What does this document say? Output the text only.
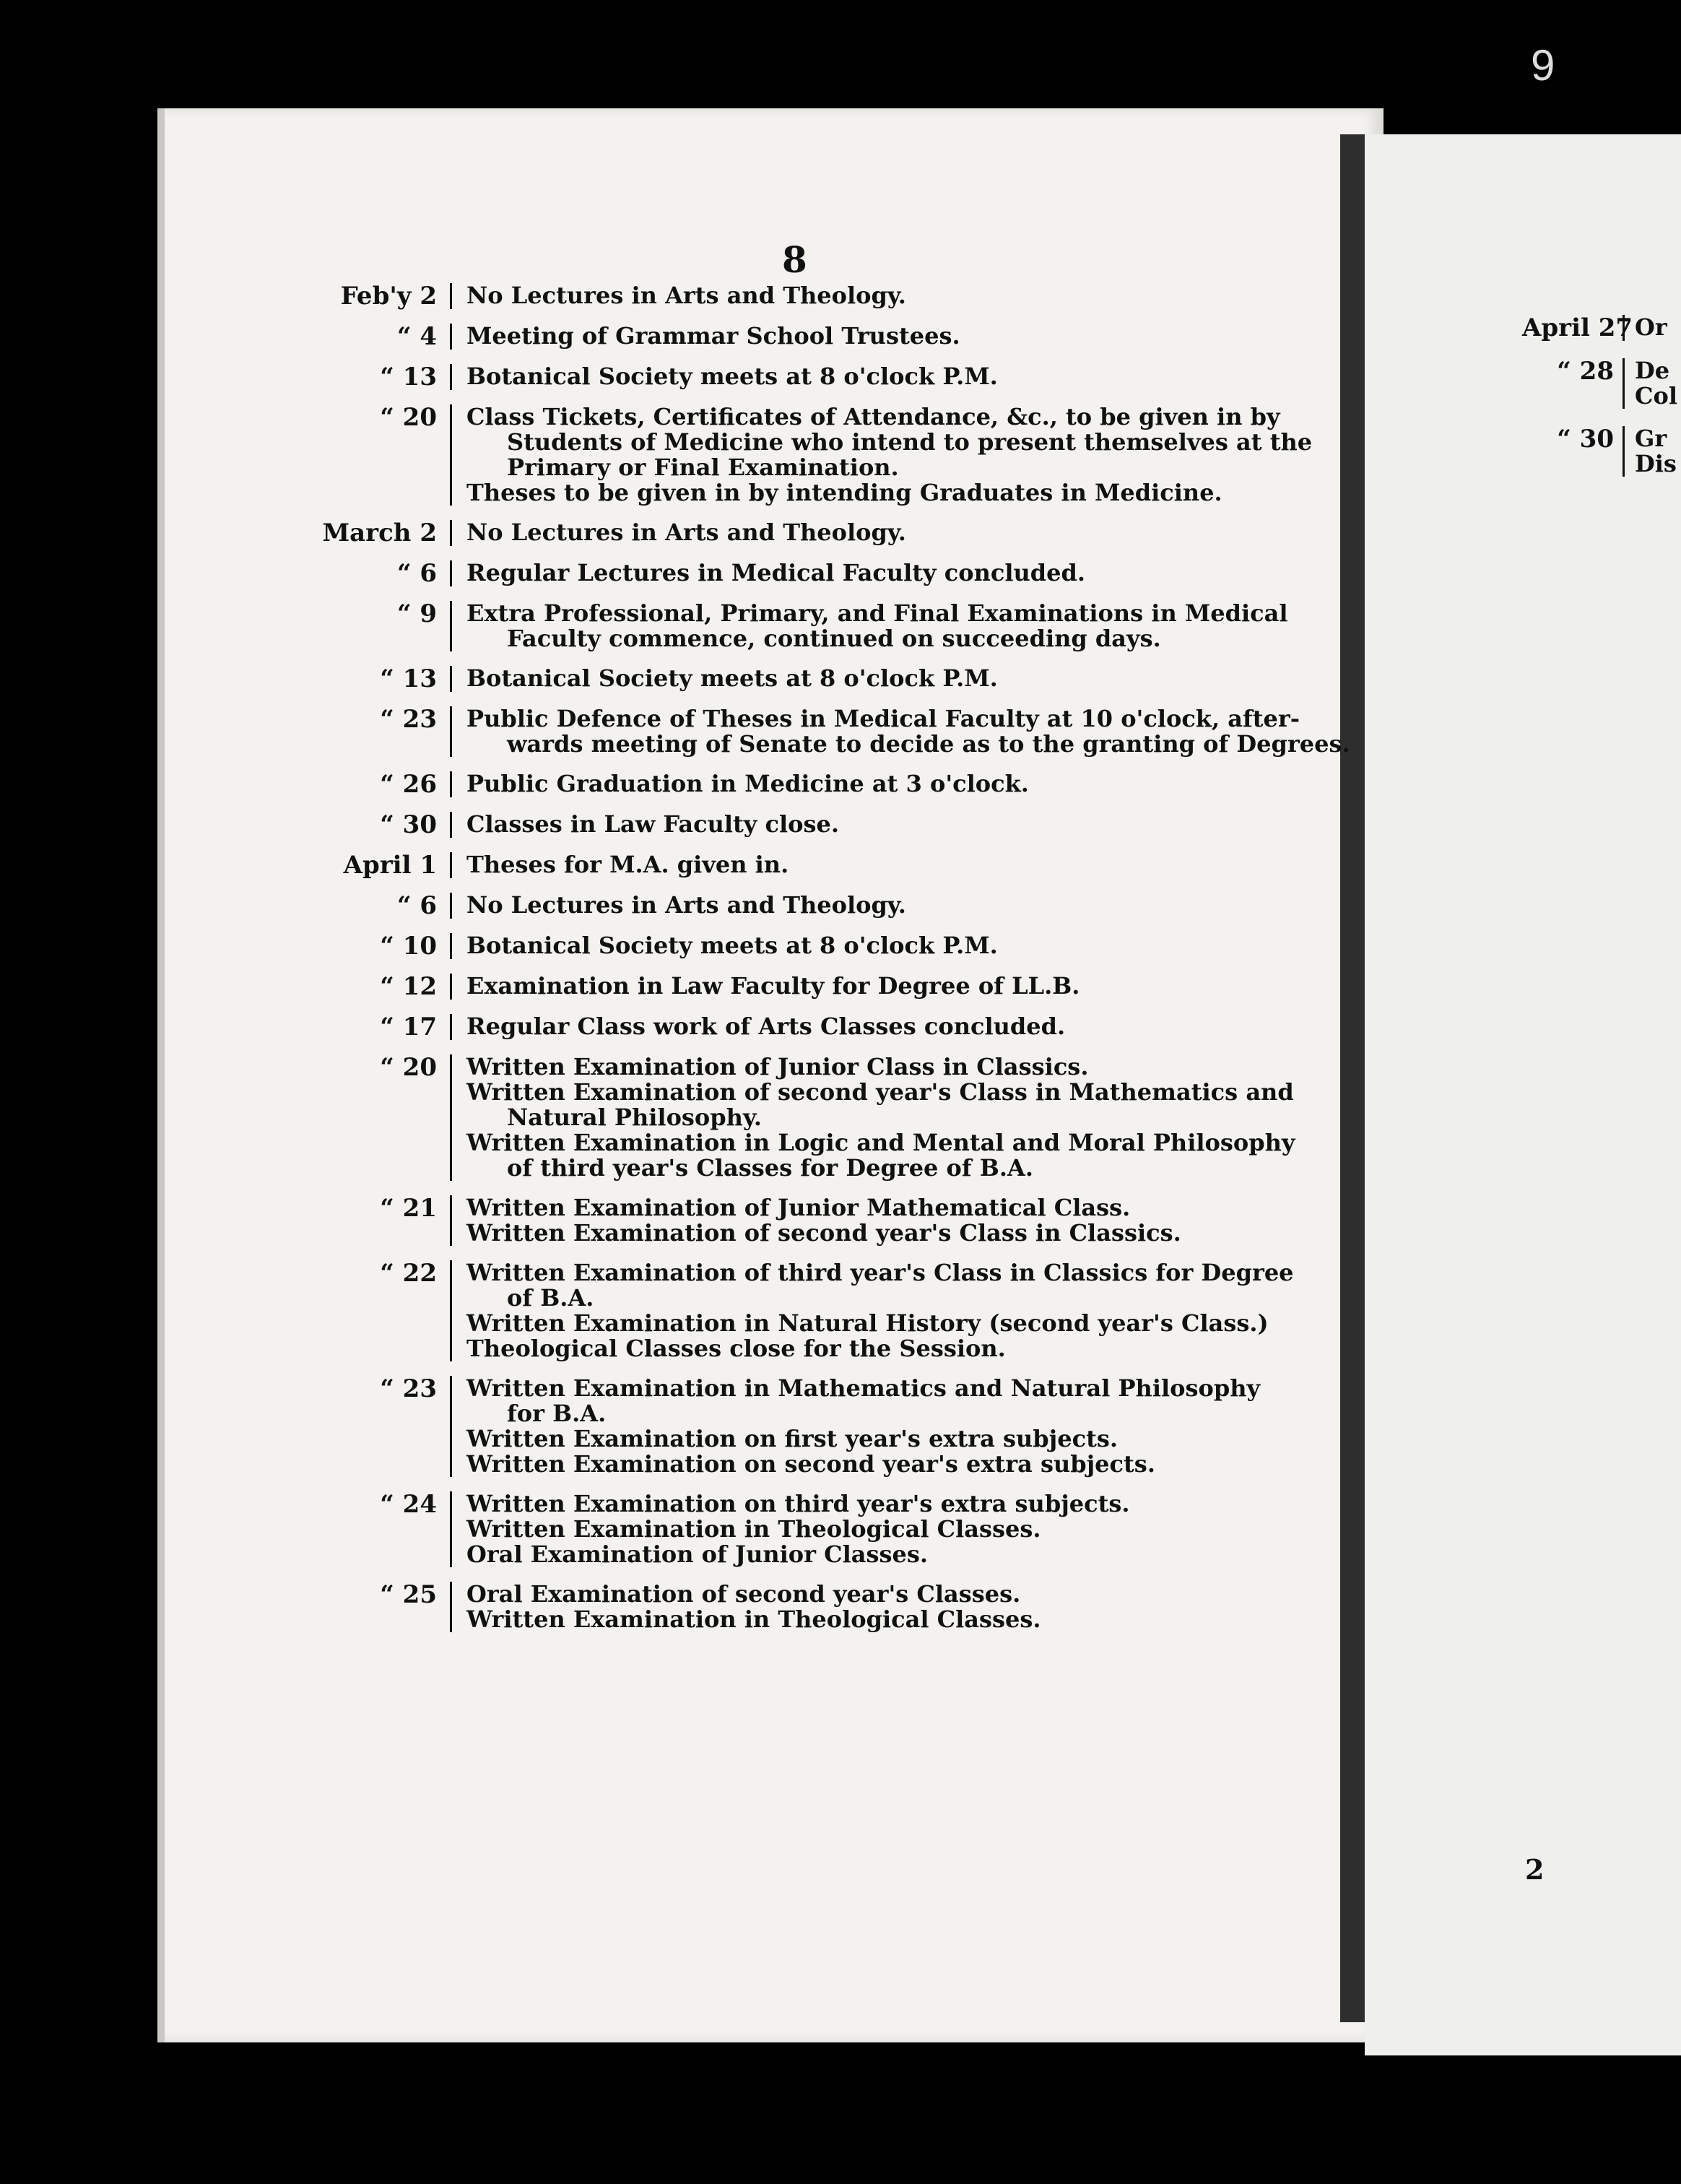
9
8
Feb'y 2	No Lectures in Arts and Theology.
“ 4	Meeting of Grammar School Trustees.
“ 13	Botanical Society meets at 8 o'clock P.M.
“ 20	Class Tickets, Certificates of Attendance, &c., to be given in by
Students of Medicine who intend to present themselves at the
Primary or Final Examination.
Theses to be given in by intending Graduates in Medicine.
March 2	No Lectures in Arts and Theology.
“ 6	Regular Lectures in Medical Faculty concluded.
“ 9	Extra Professional, Primary, and Final Examinations in Medical
Faculty commence, continued on succeeding days.
“ 13	Botanical Society meets at 8 o'clock P.M.
“ 23	Public Defence of Theses in Medical Faculty at 10 o'clock, after-
wards meeting of Senate to decide as to the granting of Degrees.
“ 26	Public Graduation in Medicine at 3 o'clock.
“ 30	Classes in Law Faculty close.
April 1	Theses for M.A. given in.
“ 6	No Lectures in Arts and Theology.
“ 10	Botanical Society meets at 8 o'clock P.M.
“ 12	Examination in Law Faculty for Degree of LL.B.
“ 17	Regular Class work of Arts Classes concluded.
“ 20	Written Examination of Junior Class in Classics.
Written Examination of second year's Class in Mathematics and
Natural Philosophy.
Written Examination in Logic and Mental and Moral Philosophy
of third year's Classes for Degree of B.A.
“ 21	Written Examination of Junior Mathematical Class.
Written Examination of second year's Class in Classics.
“ 22	Written Examination of third year's Class in Classics for Degree
of B.A.
Written Examination in Natural History (second year's Class.)
Theological Classes close for the Session.
“ 23	Written Examination in Mathematics and Natural Philosophy
for B.A.
Written Examination on first year's extra subjects.
Written Examination on second year's extra subjects.
“ 24	Written Examination on third year's extra subjects.
Written Examination in Theological Classes.
Oral Examination of Junior Classes.
“ 25	Oral Examination of second year's Classes.
Written Examination in Theological Classes.
April 27 Or
“ 28 De
Col
“ 30 Gr
Dis
2
